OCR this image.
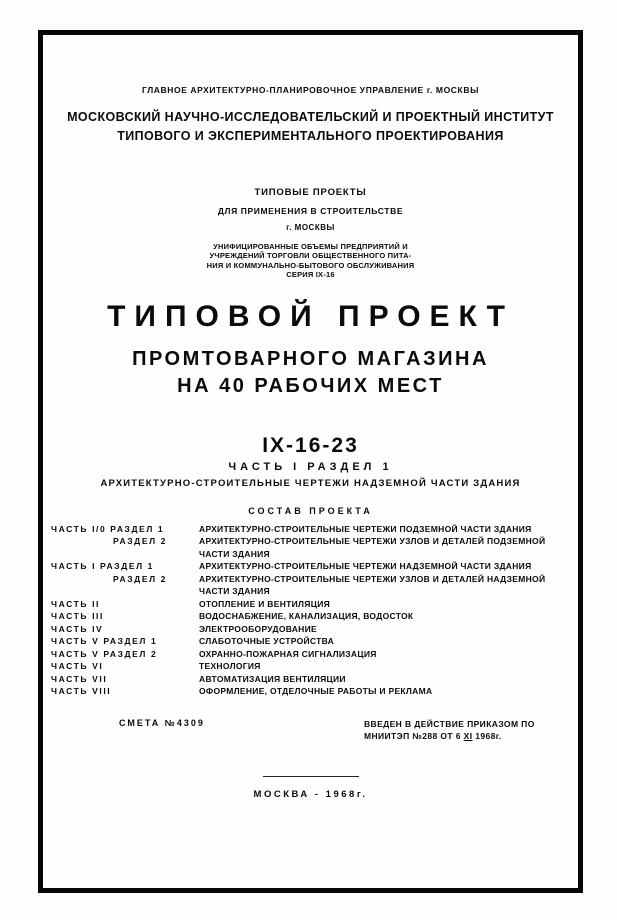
ГЛАВНОЕ АРХИТЕКТУРНО-ПЛАНИРОВОЧНОЕ УПРАВЛЕНИЕ г. МОСКВЫ
МОСКОВСКИЙ НАУЧНО-ИССЛЕДОВАТЕЛЬСКИЙ И ПРОЕКТНЫЙ ИНСТИТУТ
ТИПОВОГО И ЭКСПЕРИМЕНТАЛЬНОГО ПРОЕКТИРОВАНИЯ
ТИПОВЫЕ ПРОЕКТЫ
ДЛЯ ПРИМЕНЕНИЯ В СТРОИТЕЛЬСТВЕ
г. МОСКВЫ
УНИФИЦИРОВАННЫЕ ОБЪЕМЫ ПРЕДПРИЯТИЙ И
УЧРЕЖДЕНИЙ ТОРГОВЛИ ОБЩЕСТВЕННОГО ПИТА-
НИЯ И КОММУНАЛЬНО-БЫТОВОГО ОБСЛУЖИВАНИЯ
СЕРИЯ IX-16
ТИПОВОЙ ПРОЕКТ
ПРОМТОВАРНОГО МАГАЗИНА
НА 40 РАБОЧИХ МЕСТ
IX-16-23
ЧАСТЬ I РАЗДЕЛ 1
АРХИТЕКТУРНО-СТРОИТЕЛЬНЫЕ ЧЕРТЕЖИ НАДЗЕМНОЙ ЧАСТИ ЗДАНИЯ
СОСТАВ ПРОЕКТА
ЧАСТЬ I/0 РАЗДЕЛ 1	АРХИТЕКТУРНО-СТРОИТЕЛЬНЫЕ ЧЕРТЕЖИ ПОДЗЕМНОЙ ЧАСТИ ЗДАНИЯ
РАЗДЕЛ 2	АРХИТЕКТУРНО-СТРОИТЕЛЬНЫЕ ЧЕРТЕЖИ УЗЛОВ И ДЕТАЛЕЙ ПОДЗЕМНОЙ ЧАСТИ ЗДАНИЯ
ЧАСТЬ I РАЗДЕЛ 1	АРХИТЕКТУРНО-СТРОИТЕЛЬНЫЕ ЧЕРТЕЖИ НАДЗЕМНОЙ ЧАСТИ ЗДАНИЯ
РАЗДЕЛ 2	АРХИТЕКТУРНО-СТРОИТЕЛЬНЫЕ ЧЕРТЕЖИ УЗЛОВ И ДЕТАЛЕЙ НАДЗЕМНОЙ ЧАСТИ ЗДАНИЯ
ЧАСТЬ II	ОТОПЛЕНИЕ И ВЕНТИЛЯЦИЯ
ЧАСТЬ III	ВОДОСНАБЖЕНИЕ, КАНАЛИЗАЦИЯ, ВОДОСТОК
ЧАСТЬ IV	ЭЛЕКТРООБОРУДОВАНИЕ
ЧАСТЬ V РАЗДЕЛ 1	СЛАБОТОЧНЫЕ УСТРОЙСТВА
ЧАСТЬ V РАЗДЕЛ 2	ОХРАННО-ПОЖАРНАЯ СИГНАЛИЗАЦИЯ
ЧАСТЬ VI	ТЕХНОЛОГИЯ
ЧАСТЬ VII	АВТОМАТИЗАЦИЯ ВЕНТИЛЯЦИИ
ЧАСТЬ VIII	ОФОРМЛЕНИЕ, ОТДЕЛОЧНЫЕ РАБОТЫ И РЕКЛАМА
СМЕТА №4309	ВВЕДЕН В ДЕЙСТВИЕ ПРИКАЗОМ ПО
МНИИТЭП №288 ОТ 6 XI 1968г.
МОСКВА - 1968г.
